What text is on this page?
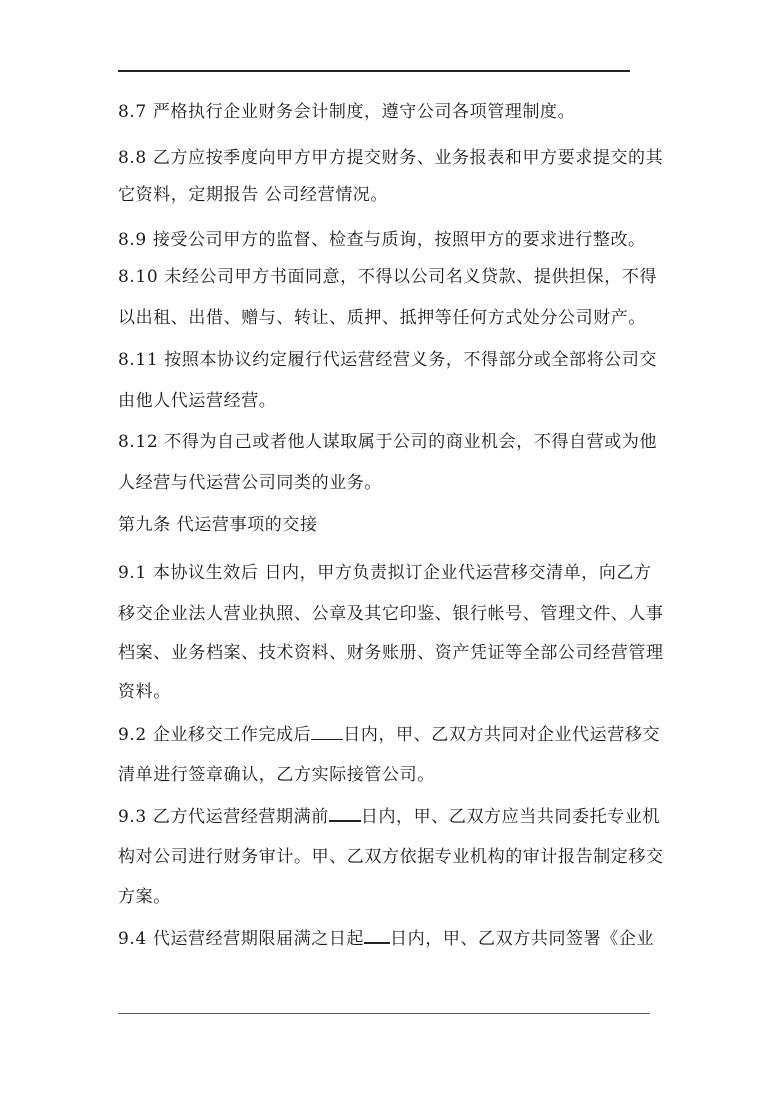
8.7 严格执行企业财务会计制度，遵守公司各项管理制度。
8.8 乙方应按季度向甲方甲方提交财务、业务报表和甲方要求提交的其
它资料，定期报告 公司经营情况。
8.9 接受公司甲方的监督、检查与质询，按照甲方的要求进行整改。
8.10 未经公司甲方书面同意，不得以公司名义贷款、提供担保，不得
以出租、出借、赠与、转让、质押、抵押等任何方式处分公司财产。
8.11 按照本协议约定履行代运营经营义务，不得部分或全部将公司交
由他人代运营经营。
8.12 不得为自己或者他人谋取属于公司的商业机会，不得自营或为他
人经营与代运营公司同类的业务。
第九条 代运营事项的交接
9.1 本协议生效后 日内，甲方负责拟订企业代运营移交清单，向乙方
移交企业法人营业执照、公章及其它印鉴、银行帐号、管理文件、人事
档案、业务档案、技术资料、财务账册、资产凭证等全部公司经营管理
资料。
9.2 企业移交工作完成后 日内，甲、乙双方共同对企业代运营移交
清单进行签章确认，乙方实际接管公司。
9.3 乙方代运营经营期满前 日内，甲、乙双方应当共同委托专业机
构对公司进行财务审计。甲、乙双方依据专业机构的审计报告制定移交
方案。
9.4 代运营经营期限届满之日起 日内，甲、乙双方共同签署《企业
